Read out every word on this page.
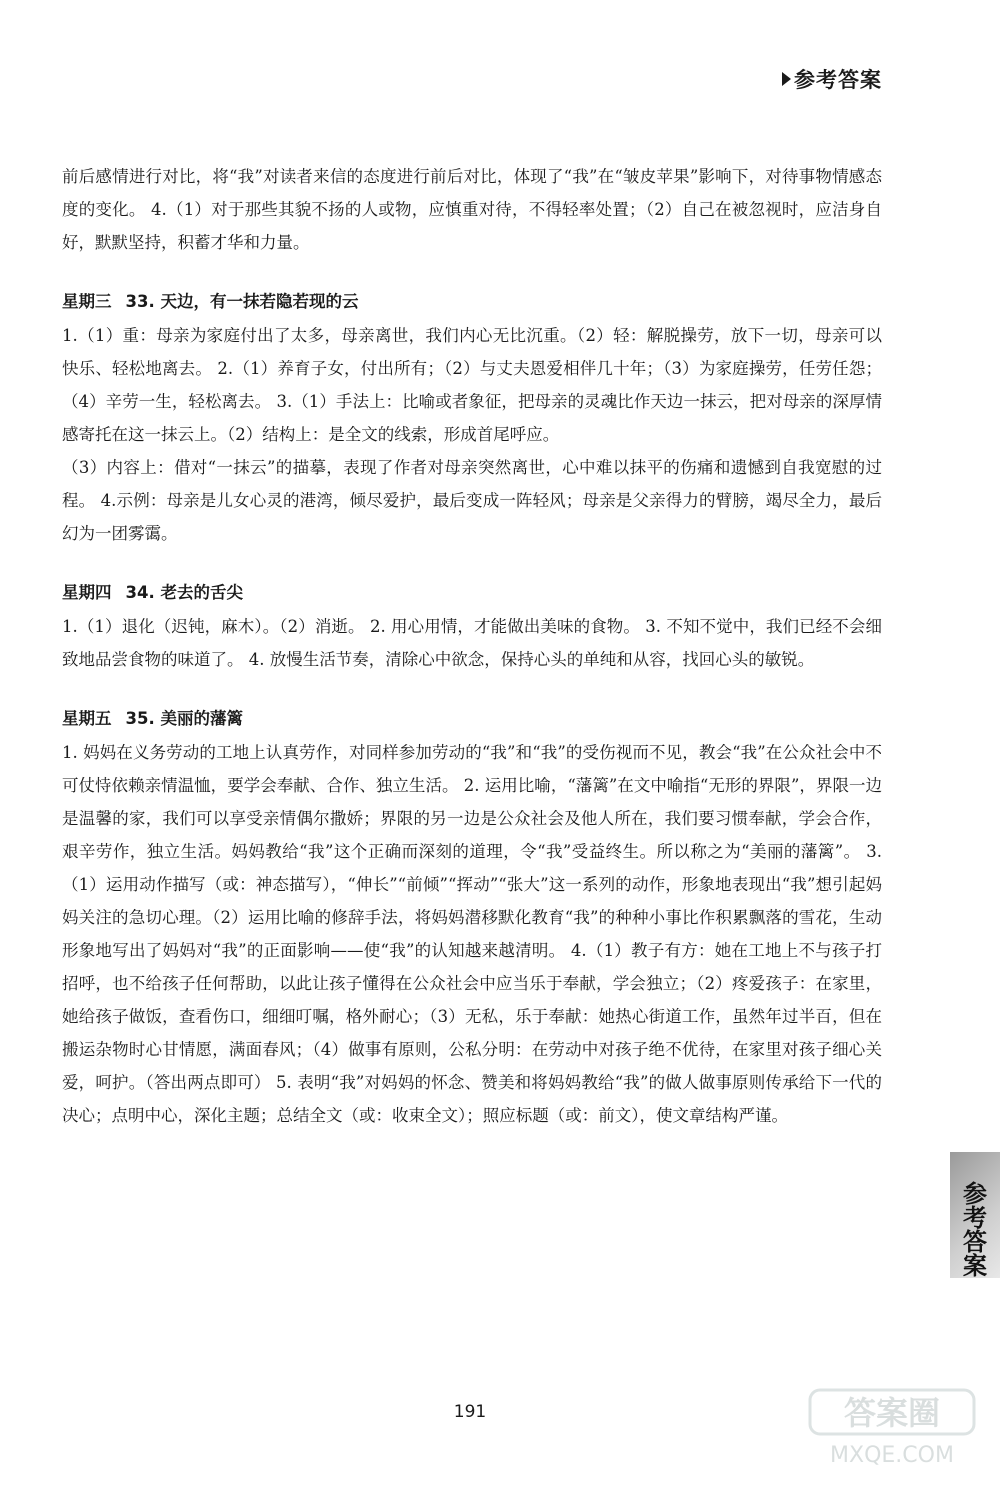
参考答案

前后感情进行对比，将“我”对读者来信的态度进行前后对比，体现了“我”在“皱皮苹果”影响下，对待事物情感态度的变化。 4.（1）对于那些其貌不扬的人或物，应慎重对待，不得轻率处置；（2）自己在被忽视时，应洁身自好，默默坚持，积蓄才华和力量。

星期三 33. 天边，有一抹若隐若现的云

1.（1）重：母亲为家庭付出了太多，母亲离世，我们内心无比沉重。（2）轻：解脱操劳，放下一切，母亲可以快乐、轻松地离去。 2.（1）养育子女，付出所有；（2）与丈夫恩爱相伴几十年；（3）为家庭操劳，任劳任怨；（4）辛劳一生，轻松离去。 3.（1）手法上：比喻或者象征，把母亲的灵魂比作天边一抹云，把对母亲的深厚情感寄托在这一抹云上。（2）结构上：是全文的线索，形成首尾呼应。

（3）内容上：借对“一抹云”的描摹，表现了作者对母亲突然离世，心中难以抹平的伤痛和遗憾到自我宽慰的过程。 4.示例：母亲是儿女心灵的港湾，倾尽爱护，最后变成一阵轻风；母亲是父亲得力的臂膀，竭尽全力，最后幻为一团雾霭。

星期四 34. 老去的舌尖

1.（1）退化（迟钝，麻木）。（2）消逝。 2. 用心用情，才能做出美味的食物。 3. 不知不觉中，我们已经不会细致地品尝食物的味道了。 4. 放慢生活节奏，清除心中欲念，保持心头的单纯和从容，找回心头的敏锐。

星期五 35. 美丽的藩篱

1. 妈妈在义务劳动的工地上认真劳作，对同样参加劳动的“我”和“我”的受伤视而不见，教会“我”在公众社会中不可仗恃依赖亲情温恤，要学会奉献、合作、独立生活。 2. 运用比喻，“藩篱”在文中喻指“无形的界限”，界限一边是温馨的家，我们可以享受亲情偶尔撒娇；界限的另一边是公众社会及他人所在，我们要习惯奉献，学会合作，艰辛劳作，独立生活。妈妈教给“我”这个正确而深刻的道理，令“我”受益终生。所以称之为“美丽的藩篱”。 3.（1）运用动作描写（或：神态描写），“伸长”“前倾”“挥动”“张大”这一系列的动作，形象地表现出“我”想引起妈妈关注的急切心理。（2）运用比喻的修辞手法，将妈妈潜移默化教育“我”的种种小事比作积累飘落的雪花，生动形象地写出了妈妈对“我”的正面影响——使“我”的认知越来越清明。 4.（1）教子有方：她在工地上不与孩子打招呼，也不给孩子任何帮助，以此让孩子懂得在公众社会中应当乐于奉献，学会独立；（2）疼爱孩子：在家里，她给孩子做饭，查看伤口，细细叮嘱，格外耐心；（3）无私，乐于奉献：她热心街道工作，虽然年过半百，但在搬运杂物时心甘情愿，满面春风；（4）做事有原则，公私分明：在劳动中对孩子绝不优待，在家里对孩子细心关爱，呵护。（答出两点即可） 5. 表明“我”对妈妈的怀念、赞美和将妈妈教给“我”的做人做事原则传承给下一代的决心；点明中心，深化主题；总结全文（或：收束全文）；照应标题（或：前文），使文章结构严谨。

参
考
答
案
191	答案圈
MXQE.COM
